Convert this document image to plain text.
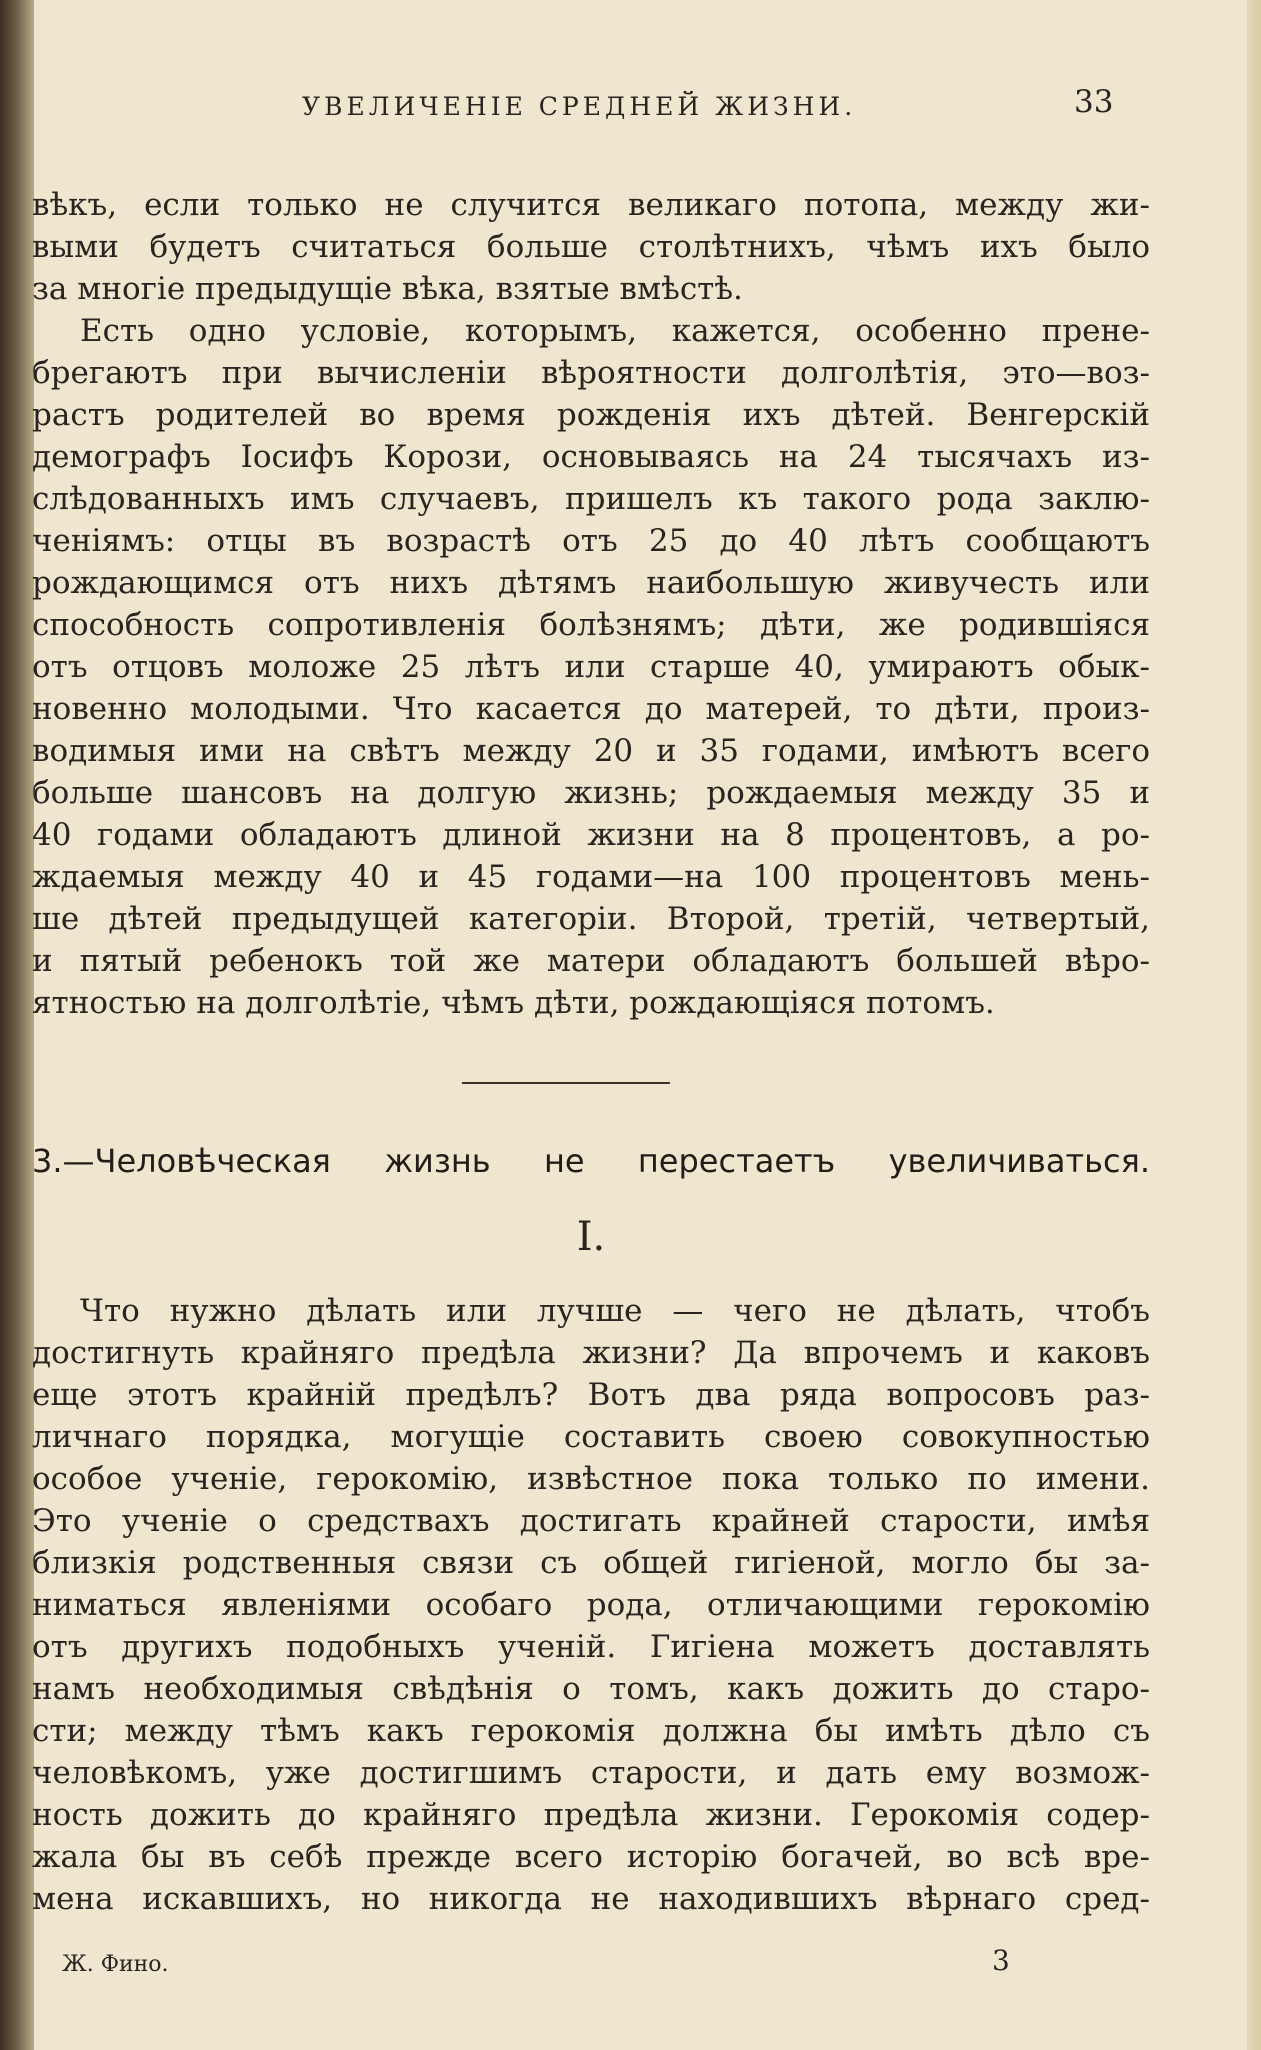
УВЕЛИЧЕНІЕ СРЕДНЕЙ ЖИЗНИ.	33
вѣкъ, если только не случится великаго потопа, между жи-
выми будетъ считаться больше столѣтнихъ, чѣмъ ихъ было
за многіе предыдущіе вѣка, взятые вмѣстѣ.
Есть одно условіе, которымъ, кажется, особенно прене-
брегаютъ при вычисленіи вѣроятности долголѣтія, это—воз-
растъ родителей во время рожденія ихъ дѣтей. Венгерскій
демографъ Іосифъ Корози, основываясь на 24 тысячахъ из-
слѣдованныхъ имъ случаевъ, пришелъ къ такого рода заклю-
ченіямъ: отцы въ возрастѣ отъ 25 до 40 лѣтъ сообщаютъ
рождающимся отъ нихъ дѣтямъ наибольшую живучесть или
способность сопротивленія болѣзнямъ; дѣти, же родившіяся
отъ отцовъ моложе 25 лѣтъ или старше 40, умираютъ обык-
новенно молодыми. Что касается до матерей, то дѣти, произ-
водимыя ими на свѣтъ между 20 и 35 годами, имѣютъ всего
больше шансовъ на долгую жизнь; рождаемыя между 35 и
40 годами обладаютъ длиной жизни на 8 процентовъ, а ро-
ждаемыя между 40 и 45 годами—на 100 процентовъ мень-
ше дѣтей предыдущей категоріи. Второй, третій, четвертый,
и пятый ребенокъ той же матери обладаютъ большей вѣро-
ятностью на долголѣтіе, чѣмъ дѣти, рождающіяся потомъ.
3.—Человѣческая жизнь не перестаетъ увеличиваться.
I.
Что нужно дѣлать или лучше — чего не дѣлать, чтобъ
достигнуть крайняго предѣла жизни? Да впрочемъ и каковъ
еще этотъ крайній предѣлъ? Вотъ два ряда вопросовъ раз-
личнаго порядка, могущіе составить своею совокупностью
особое ученіе, герокомію, извѣстное пока только по имени.
Это ученіе о средствахъ достигать крайней старости, имѣя
близкія родственныя связи съ общей гигіеной, могло бы за-
ниматься явленіями особаго рода, отличающими герокомію
отъ другихъ подобныхъ ученій. Гигіена можетъ доставлять
намъ необходимыя свѣдѣнія о томъ, какъ дожить до старо-
сти; между тѣмъ какъ герокомія должна бы имѣть дѣло съ
человѣкомъ, уже достигшимъ старости, и дать ему возмож-
ность дожить до крайняго предѣла жизни. Герокомія содер-
жала бы въ себѣ прежде всего исторію богачей, во всѣ вре-
мена искавшихъ, но никогда не находившихъ вѣрнаго сред-
Ж. Фино.	3
